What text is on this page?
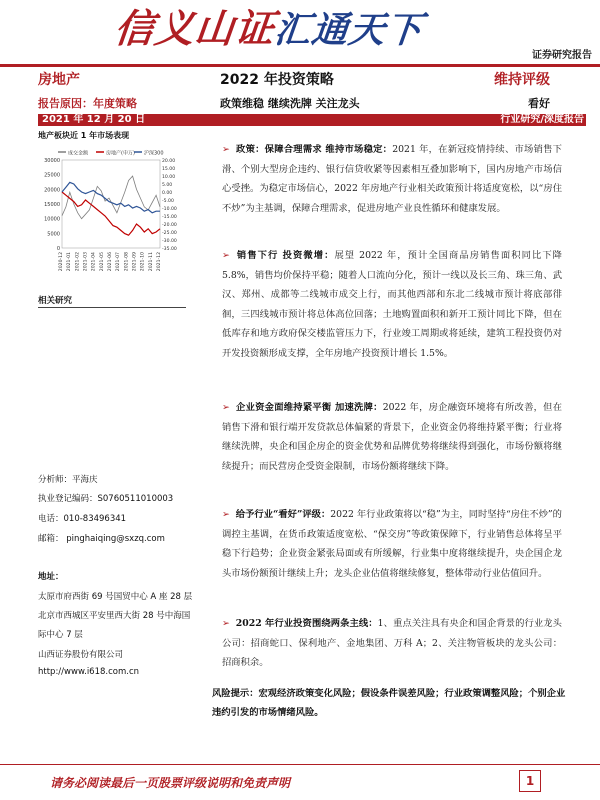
信义山证汇通天下
证券研究报告
房地产	2022 年投资策略	维持评级
报告原因：年度策略	政策维稳 继续洗牌 关注龙头	看好
2021 年 12 月 20 日	行业研究/深度报告
地产板块近 1 年市场表现
成交金额	房地产(申万) 沪深300
30000
25000
20000
15000
10000
5000
0
20.00
15.00
10.00
5.00
0.00
-5.00
-10.00
-15.00
-20.00
-25.00
-30.00
-35.00
2020-12 2021-01 2021-02 2021-03 2021-04 2021-05 2021-06 2021-07 2021-08 2021-09 2021-10 2021-11 2021-12
相关研究
分析师：平海庆
执业登记编码：S0760511010003
电话：010-83496341
邮箱： pinghaiqing@sxzq.com
地址：
太原市府西街 69 号国贸中心 A 座 28 层
北京市西城区平安里西大街 28 号中海国
际中心 7 层
山西证券股份有限公司
http://www.i618.com.cn
➢ 政策：保障合理需求 维持市场稳定：2021 年，在新冠疫情持续、市场销售下滑、个别大型房企违约、银行信贷收紧等因素相互叠加影响下，国内房地产市场信心受挫。为稳定市场信心，2022 年房地产行业相关政策预计将适度宽松，以“房住不炒”为主基调，保障合理需求，促进房地产业良性循环和健康发展。
➢ 销售下行 投资微增：展望 2022 年，预计全国商品房销售面积同比下降 5.8%，销售均价保持平稳；随着人口流向分化，预计一线以及长三角、珠三角、武汉、郑州、成都等二线城市成交上行，而其他西部和东北二线城市预计将底部徘徊，三四线城市预计将总体高位回落；土地购置面积和新开工预计同比下降，但在低库存和地方政府保交楼监管压力下，行业竣工周期或将延续，建筑工程投资仍对开发投资额形成支撑，全年房地产投资预计增长 1.5%。
➢ 企业资金面维持紧平衡 加速洗牌：2022 年，房企融资环境将有所改善，但在销售下滑和银行端开发贷款总体偏紧的背景下，企业资金仍将维持紧平衡；行业将继续洗牌，央企和国企房企的资金优势和品牌优势将继续得到强化，市场份额将继续提升；而民营房企受资金限制，市场份额将继续下降。
➢ 给予行业“看好”评级：2022 年行业政策将以“稳”为主，同时坚持“房住不炒”的调控主基调，在货币政策适度宽松、“保交房”等政策保障下，行业销售总体将呈平稳下行趋势；企业资金紧张局面或有所缓解，行业集中度将继续提升，央企国企龙头市场份额预计继续上升；龙头企业估值将继续修复，整体带动行业估值回升。
➢ 2022 年行业投资围绕两条主线：1、重点关注具有央企和国企背景的行业龙头公司：招商蛇口、保利地产、金地集团、万科 A；2、关注物管板块的龙头公司：招商积余。
风险提示：宏观经济政策变化风险；假设条件误差风险；行业政策调整风险；个别企业违约引发的市场情绪风险。
请务必阅读最后一页股票评级说明和免责声明	1
